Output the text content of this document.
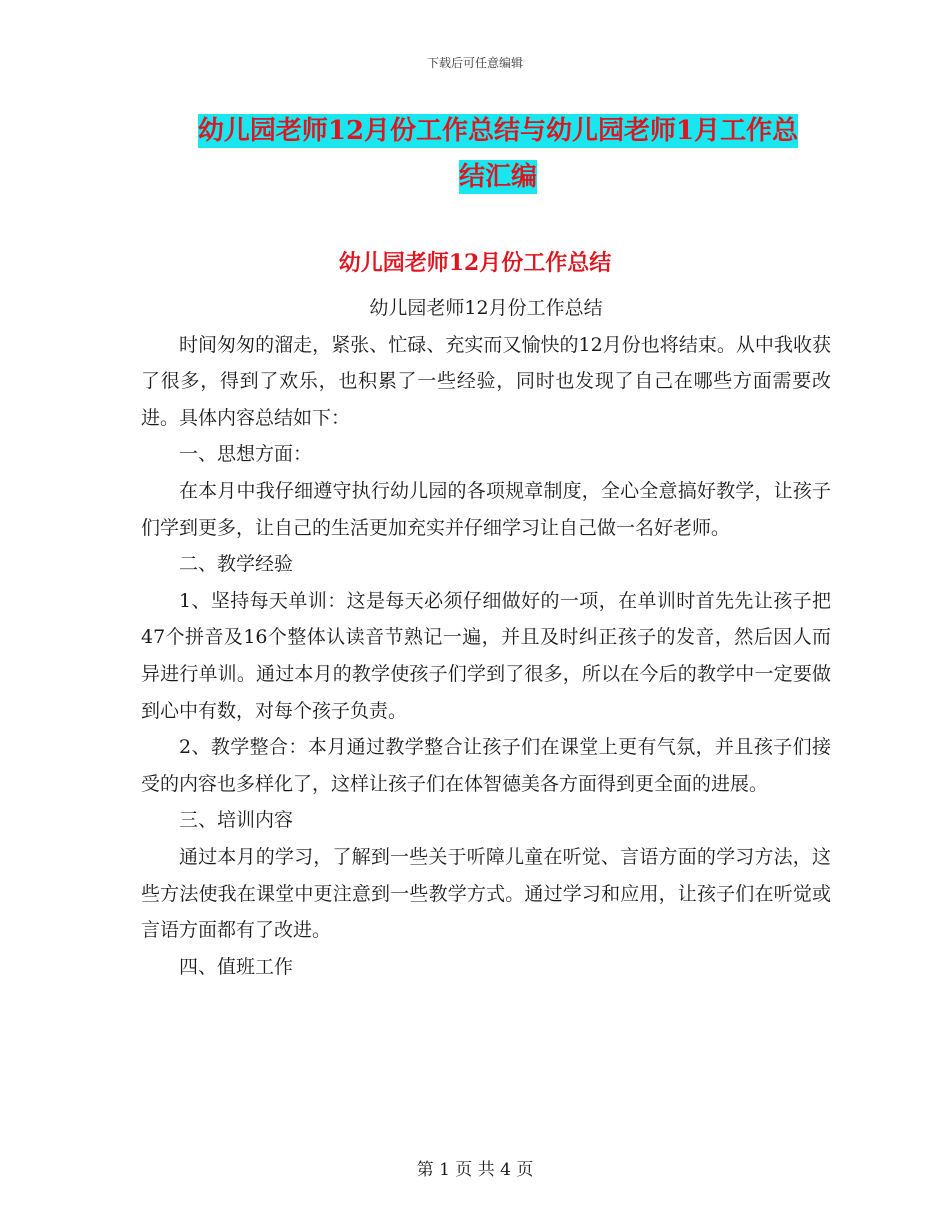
下载后可任意编辑
幼儿园老师12月份工作总结与幼儿园老师1月工作总
结汇编
幼儿园老师12月份工作总结
幼儿园老师12月份工作总结

时间匆匆的溜走，紧张、忙碌、充实而又愉快的12月份也将结束。从中我收获了很多，得到了欢乐，也积累了一些经验，同时也发现了自己在哪些方面需要改进。具体内容总结如下：

一、思想方面：

在本月中我仔细遵守执行幼儿园的各项规章制度，全心全意搞好教学，让孩子们学到更多，让自己的生活更加充实并仔细学习让自己做一名好老师。

二、教学经验

1、坚持每天单训：这是每天必须仔细做好的一项，在单训时首先先让孩子把47个拼音及16个整体认读音节熟记一遍，并且及时纠正孩子的发音，然后因人而异进行单训。通过本月的教学使孩子们学到了很多，所以在今后的教学中一定要做到心中有数，对每个孩子负责。

2、教学整合：本月通过教学整合让孩子们在课堂上更有气氛，并且孩子们接受的内容也多样化了，这样让孩子们在体智德美各方面得到更全面的进展。

三、培训内容

通过本月的学习，了解到一些关于听障儿童在听觉、言语方面的学习方法，这些方法使我在课堂中更注意到一些教学方式。通过学习和应用，让孩子们在听觉或言语方面都有了改进。

四、值班工作

第 1 页 共 4 页
